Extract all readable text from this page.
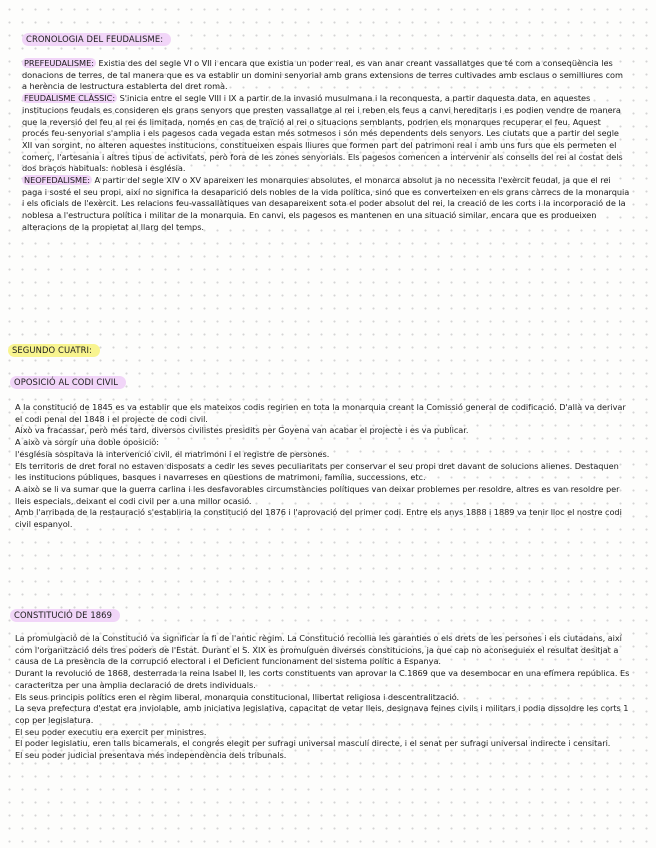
CRONOLOGIA DEL FEUDALISME:

PREFEUDALISME: Existia des del segle VI o VII i encara que existia un poder real, es van anar creant vassallatges que té com a conseqüència les donacions de terres, de tal manera que es va establir un domini senyorial amb grans extensions de terres cultivades amb esclaus o semilliures com a herència de lestructura establerta del dret romà.

FEUDALISME CLÀSSIC: S'inicia entre el segle VIII i IX a partir de la invasió musulmana i la reconquesta, a partir daquesta data, en aquestes institucions feudals es consideren els grans senyors que presten vassallatge al rei i reben els feus a canvi hereditaris i es podien vendre de manera que la reversió del feu al rei és limitada, només en cas de traïció al rei o situacions semblants, podrien els monarques recuperar el feu. Aquest procés feu-senyorial s'amplia i els pagesos cada vegada estan més sotmesos i són més dependents dels senyors. Les ciutats que a partir del segle XII van sorgint, no alteren aquestes institucions, constitueixen espais lliures que formen part del patrimoni real i amb uns furs que els permeten el comerç, l'artesania i altres tipus de activitats, però fora de les zones senyorials. Els pagesos comencen a intervenir als consells del rei al costat dels dos braços habituals: noblesa i església.

NEOFEDALISME: A partir del segle XIV o XV apareixen les monarquies absolutes, el monarca absolut ja no necessita l'exèrcit feudal, ja que el rei paga i sosté el seu propi, així no significa la desaparició dels nobles de la vida política, sinó que es converteixen en els grans càrrecs de la monarquia i els oficials de l'exèrcit. Les relacions feu-vassallàtiques van desapareixent sota el poder absolut del rei, la creació de les corts i la incorporació de la noblesa a l'estructura política i militar de la monarquia. En canvi, els pagesos es mantenen en una situació similar, encara que es produeixen alteracions de la propietat al llarg del temps.

SEGUNDO CUATRI:
OPOSICIÓ AL CODI CIVIL

A la constitució de 1845 es va establir que els mateixos codis regirien en tota la monarquia creant la Comissió general de codificació. D'allà va derivar el codi penal del 1848 i el projecte de codi civil.

Això va fracassar, però més tard, diversos civilistes presidits per Goyena van acabar el projecte i es va publicar.

A això va sorgir una doble oposició:

l'església sospitava la intervenció civil, el matrimoni i el registre de persones.

Els territoris de dret foral no estaven disposats a cedir les seves peculiaritats per conservar el seu propi dret davant de solucions alienes. Destaquen les institucions públiques, basques i navarreses en qüestions de matrimoni, família, successions, etc.

A això se li va sumar que la guerra carlina i les desfavorables circumstàncies polítiques van deixar problemes per resoldre, altres es van resoldre per lleis especials, deixant el codi civil per a una millor ocasió.

Amb l'arribada de la restauració s'establiria la constitució del 1876 i l'aprovació del primer codi. Entre els anys 1888 i 1889 va tenir lloc el nostre codi civil espanyol.

CONSTITUCIÓ DE 1869

La promulgació de la Constitució va significar la fi de l'antic règim. La Constitució recollia les garanties o els drets de les persones i els ciutadans, així com l'organització dels tres poders de l'Estat. Durant el S. XIX es promulguen diverses constitucions, ja que cap no aconseguiex el resultat desitjat a causa de La presència de la corrupció electoral i el Deficient funcionament del sistema polític a Espanya.

Durant la revolució de 1868, desterrada la reina Isabel II, les corts constituents van aprovar la C.1869 que va desembocar en una efímera república. Es caracteritza per una àmplia declaració de drets individuals.

Els seus principis polítics eren el règim liberal, monarquia constitucional, llibertat religiosa i descentralització.

La seva prefectura d'estat era inviolable, amb iniciativa legislativa, capacitat de vetar lleis, designava feines civils i militars i podia dissoldre les corts 1 cop per legislatura.

El seu poder executiu era exercit per ministres.

El poder legislatiu, eren talls bicamerals, el congrés elegit per sufragi universal masculí directe, i el senat per sufragi universal indirecte i censitari.

El seu poder judicial presentava més independència dels tribunals.
